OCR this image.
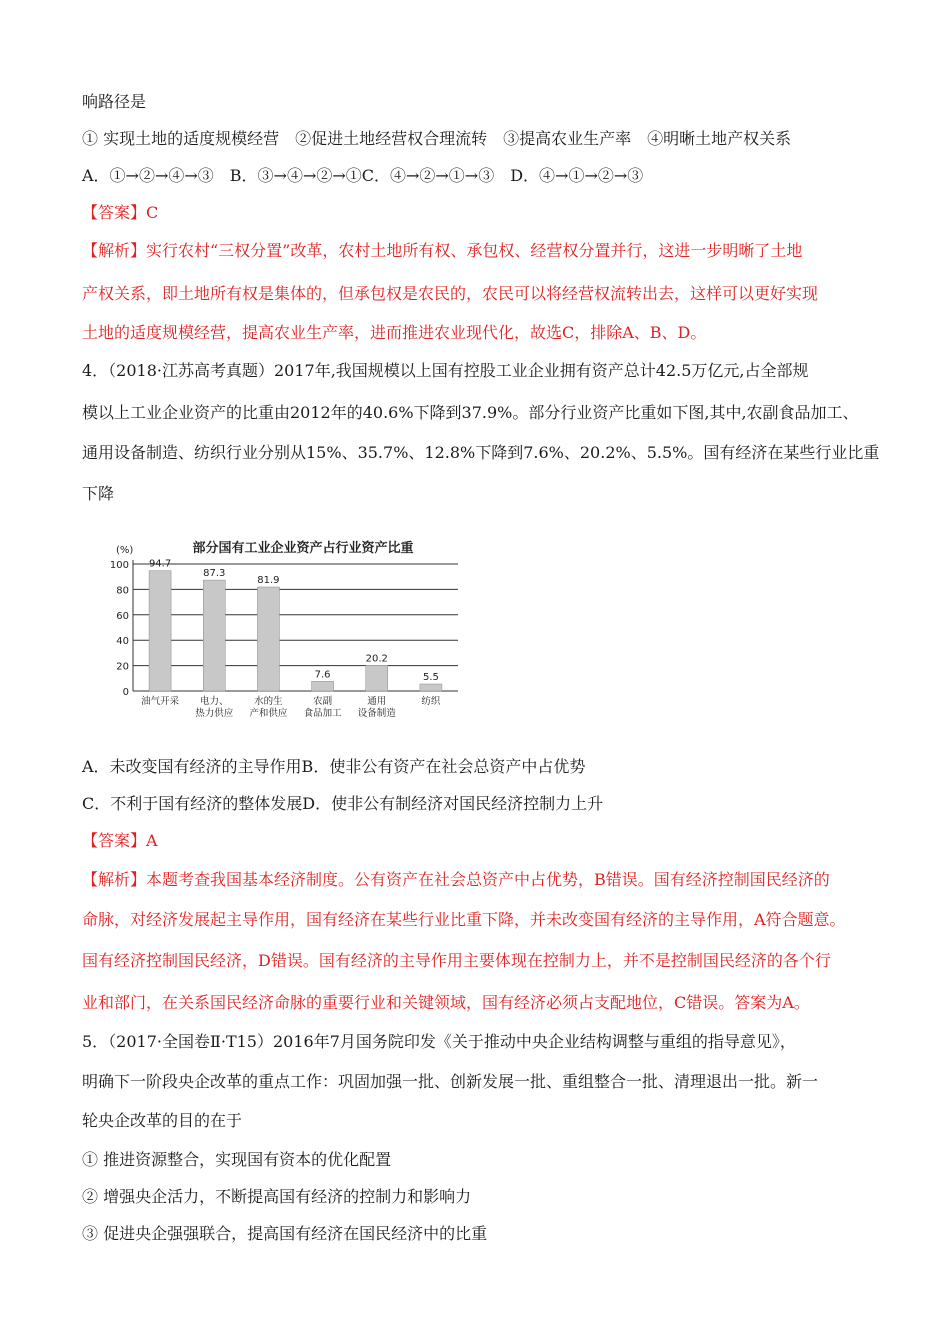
响路径是
① 实现土地的适度规模经营　②促进土地经营权合理流转　③提高农业生产率　④明晰土地产权关系
A．①→②→④→③　B．③→④→②→①C．④→②→①→③　D．④→①→②→③
【答案】C
【解析】实行农村“三权分置”改革，农村土地所有权、承包权、经营权分置并行，这进一步明晰了土地
产权关系，即土地所有权是集体的，但承包权是农民的，农民可以将经营权流转出去，这样可以更好实现
土地的适度规模经营，提高农业生产率，进而推进农业现代化，故选C，排除A、B、D。
4．（2018·江苏高考真题）2017年,我国规模以上国有控股工业企业拥有资产总计42.5万亿元,占全部规
模以上工业企业资产的比重由2012年的40.6%下降到37.9%。部分行业资产比重如下图,其中,农副食品加工、
通用设备制造、纺织行业分别从15%、35.7%、12.8%下降到7.6%、20.2%、5.5%。国有经济在某些行业比重
下降
部分国有工业企业资产占行业资产比重
(%)
0
20
40
60
80
100 94.7
油气开采
87.3
电力、
热力供应
81.9
水的生
产和供应
7.6
农副
食品加工
20.2
通用
设备制造
5.5
纺织
A．未改变国有经济的主导作用B．使非公有资产在社会总资产中占优势
C．不利于国有经济的整体发展D．使非公有制经济对国民经济控制力上升
【答案】A
【解析】本题考查我国基本经济制度。公有资产在社会总资产中占优势，B错误。国有经济控制国民经济的
命脉，对经济发展起主导作用，国有经济在某些行业比重下降，并未改变国有经济的主导作用，A符合题意。
国有经济控制国民经济，D错误。国有经济的主导作用主要体现在控制力上，并不是控制国民经济的各个行
业和部门，在关系国民经济命脉的重要行业和关键领域，国有经济必须占支配地位，C错误。答案为A。
5．（2017·全国卷Ⅱ·T15）2016年7月国务院印发《关于推动中央企业结构调整与重组的指导意见》，
明确下一阶段央企改革的重点工作：巩固加强一批、创新发展一批、重组整合一批、清理退出一批。新一
轮央企改革的目的在于
① 推进资源整合，实现国有资本的优化配置
② 增强央企活力，不断提高国有经济的控制力和影响力
③ 促进央企强强联合，提高国有经济在国民经济中的比重
